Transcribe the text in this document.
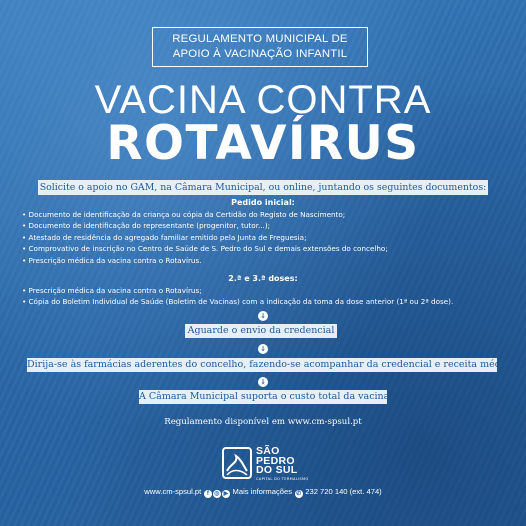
REGULAMENTO MUNICIPAL DE
APOIO À VACINAÇÃO INFANTIL
VACINA CONTRA
ROTAVÍRUS
Solicite o apoio no GAM, na Câmara Municipal, ou online, juntando os seguintes documentos:
Pedido inicial:
• Documento de identificação da criança ou cópia da Certidão do Registo de Nascimento;
• Documento de identificação do representante (progenitor, tutor...);
• Atestado de residência do agregado familiar emitido pela Junta de Freguesia;
• Comprovativo de inscrição no Centro de Saúde de S. Pedro do Sul e demais extensões do concelho;
• Prescrição médica da vacina contra o Rotavírus.
2.ª e 3.ª doses:
• Prescrição médica da vacina contra o Rotavírus;
• Cópia do Boletim Individual de Saúde (Boletim de Vacinas) com a indicação da toma da dose anterior (1ª ou 2ª dose).
↓
Aguarde o envio da credencial
↓
Dirija-se às farmácias aderentes do concelho, fazendo-se acompanhar da credencial e receita médica
↓
A Câmara Municipal suporta o custo total da vacina
Regulamento disponível em www.cm-spsul.pt
SÃO
PEDRO
DO SUL
CAPITAL DO TERMALISMO
www.cm-spsul.pt f ◎ ▶ Mais informações ✆ 232 720 140 (ext. 474)
